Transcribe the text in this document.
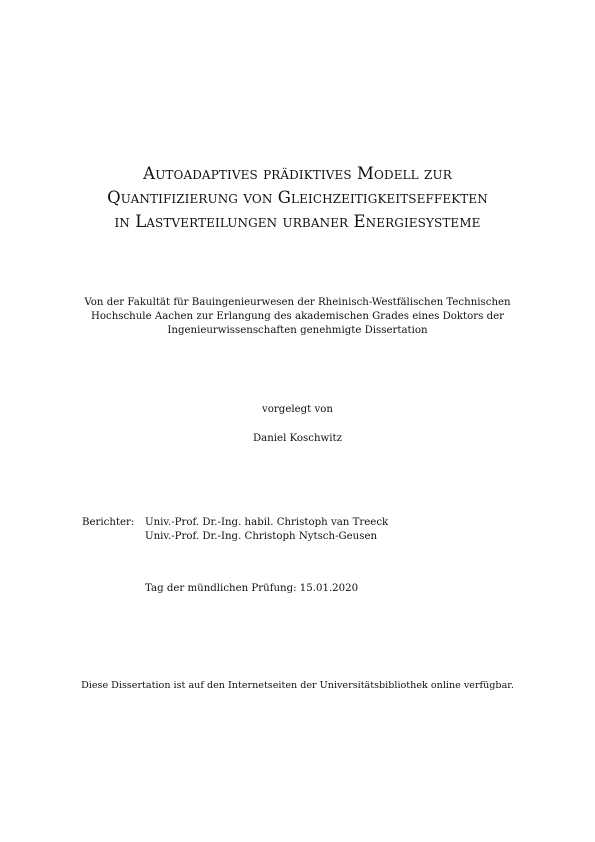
Autoadaptives prädiktives Modell zur
Quantifizierung von Gleichzeitigkeitseffekten
in Lastverteilungen urbaner Energiesysteme
Von der Fakultät für Bauingenieurwesen der Rheinisch-Westfälischen Technischen
Hochschule Aachen zur Erlangung des akademischen Grades eines Doktors der
Ingenieurwissenschaften genehmigte Dissertation
vorgelegt von
Daniel Koschwitz
Berichter: Univ.-Prof. Dr.-Ing. habil. Christoph van Treeck
Univ.-Prof. Dr.-Ing. Christoph Nytsch-Geusen
Tag der mündlichen Prüfung: 15.01.2020
Diese Dissertation ist auf den Internetseiten der Universitätsbibliothek online verfügbar.
